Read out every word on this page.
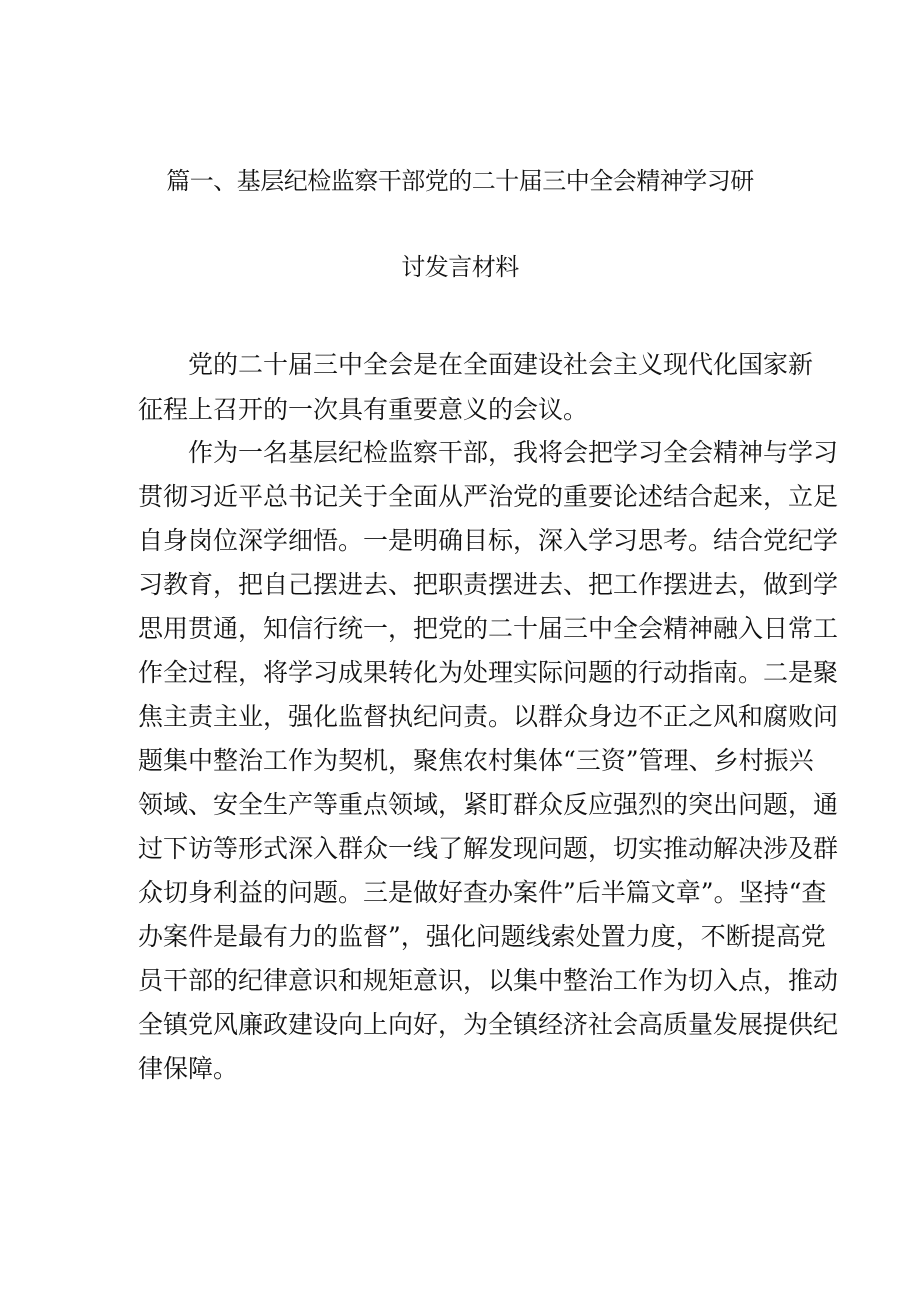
篇一、基层纪检监察干部党的二十届三中全会精神学习研
讨发言材料
党的二十届三中全会是在全面建设社会主义现代化国家新
征程上召开的一次具有重要意义的会议。
作为一名基层纪检监察干部，我将会把学习全会精神与学习
贯彻习近平总书记关于全面从严治党的重要论述结合起来，立足
自身岗位深学细悟。一是明确目标，深入学习思考。结合党纪学
习教育，把自己摆进去、把职责摆进去、把工作摆进去，做到学
思用贯通，知信行统一，把党的二十届三中全会精神融入日常工
作全过程，将学习成果转化为处理实际问题的行动指南。二是聚
焦主责主业，强化监督执纪问责。以群众身边不正之风和腐败问
题集中整治工作为契机，聚焦农村集体“三资”管理、乡村振兴
领域、安全生产等重点领域，紧盯群众反应强烈的突出问题，通
过下访等形式深入群众一线了解发现问题，切实推动解决涉及群
众切身利益的问题。三是做好查办案件”后半篇文章”。坚持“查
办案件是最有力的监督”，强化问题线索处置力度，不断提高党
员干部的纪律意识和规矩意识，以集中整治工作为切入点，推动
全镇党风廉政建设向上向好，为全镇经济社会高质量发展提供纪
律保障。
